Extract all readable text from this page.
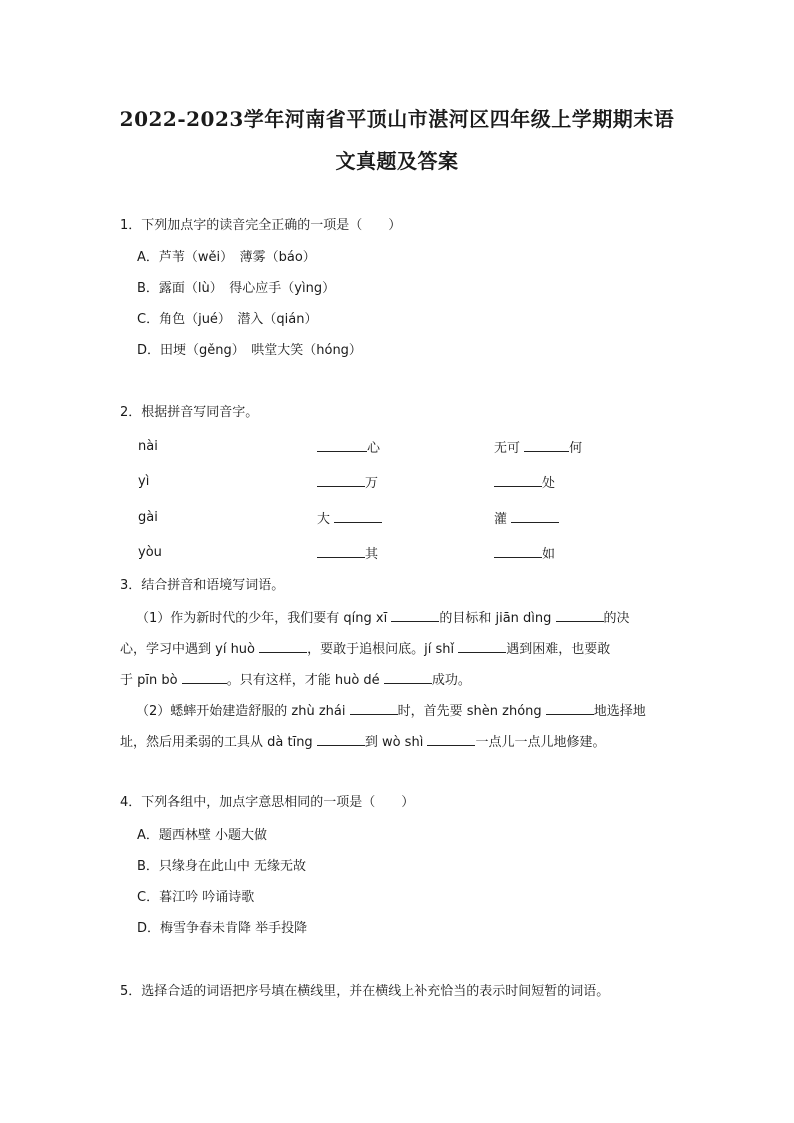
2022-2023学年河南省平顶山市湛河区四年级上学期期末语
文真题及答案
1．下列加点字的读音完全正确的一项是（　　）
A．芦苇（wěi）　薄雾（báo）
B．露面（lù）　得心应手（yìng）
C．角色（jué）　潜入（qián）
D．田埂（gěng）　哄堂大笑（hóng）
2．根据拼音写同音字。
nài	心	无可	何
yì	万	处
gài	大	灌
yòu	其	如
3．结合拼音和语境写词语。
（1）作为新时代的少年，我们要有 qíng xī	的目标和 jiān dìng	的决
心，学习中遇到 yí huò	，要敢于追根问底。jí shǐ	遇到困难，也要敢
于 pīn bò	。只有这样，才能 huò dé	成功。
（2）蟋蟀开始建造舒服的 zhù zhái	时，首先要 shèn zhóng	地选择地
址，然后用柔弱的工具从 dà tīng	到 wò shì	一点儿一点儿地修建。
4．下列各组中，加点字意思相同的一项是（　　）
A．题西林壁 小题大做
B．只缘身在此山中 无缘无故
C．暮江吟 吟诵诗歌
D．梅雪争春未肯降 举手投降
5．选择合适的词语把序号填在横线里，并在横线上补充恰当的表示时间短暂的词语。
